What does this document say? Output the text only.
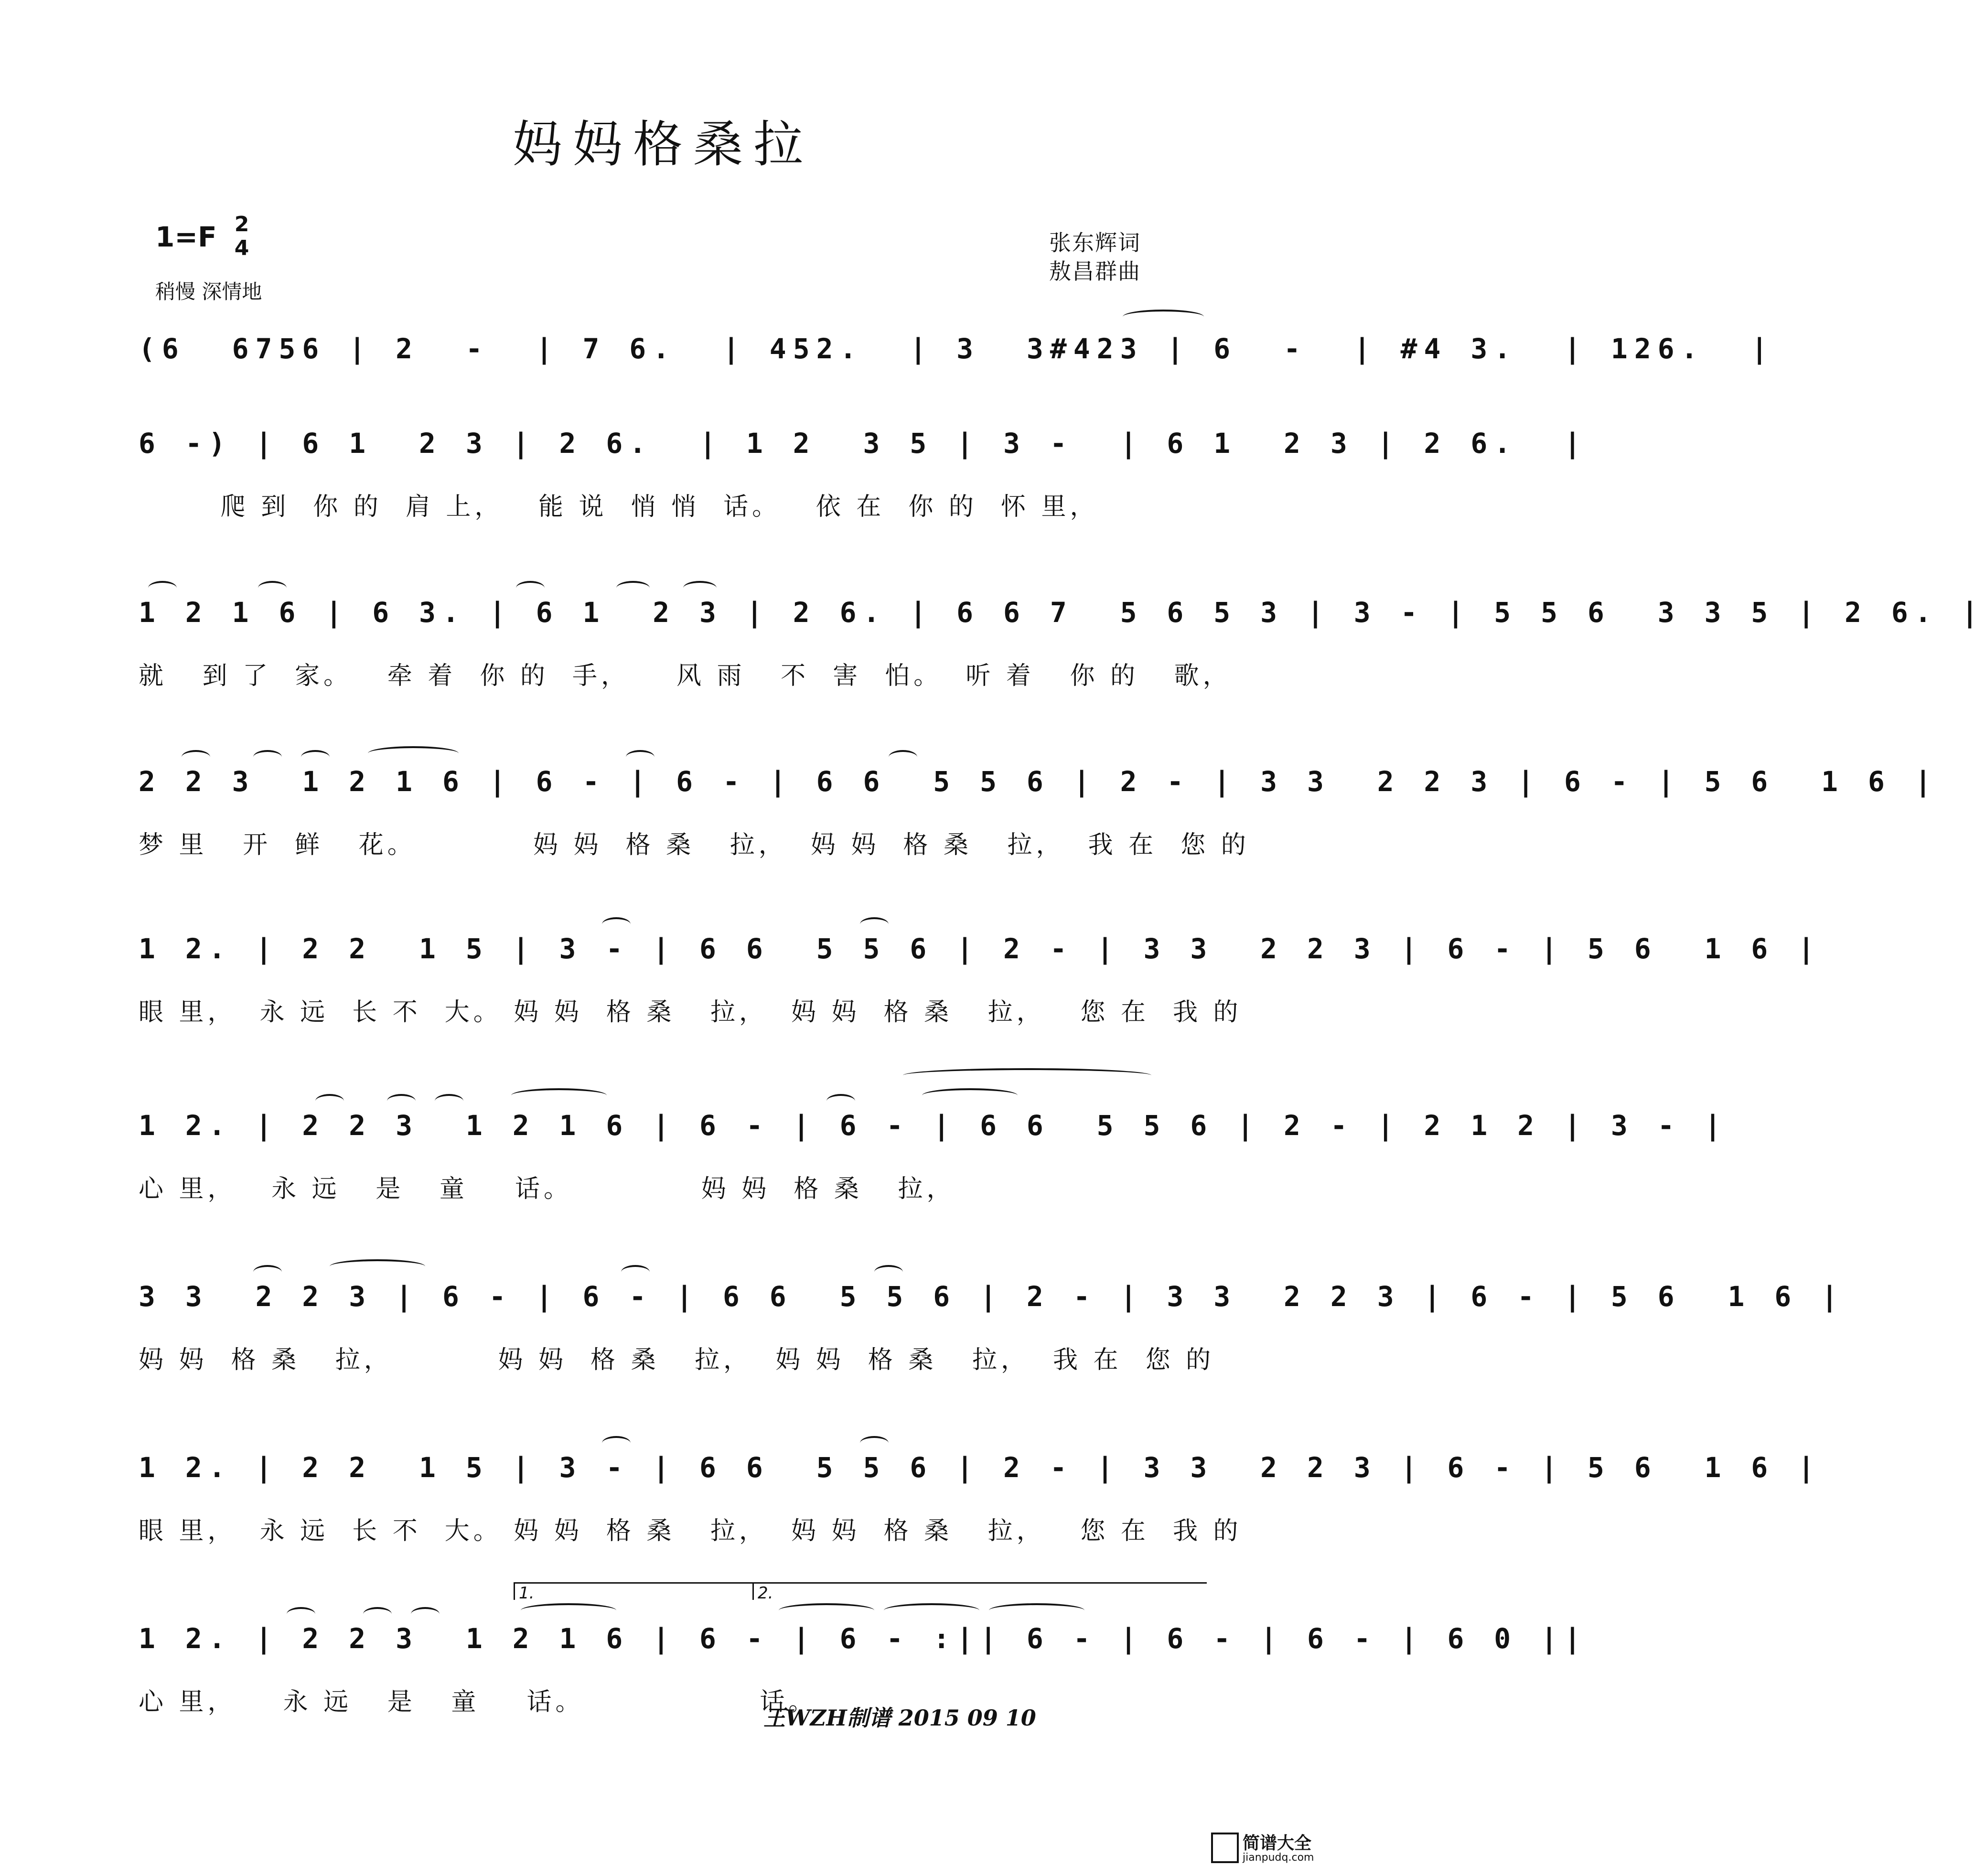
妈妈格桑拉
1=F 2
4
稍慢 深情地
张东辉词
敖昌群曲
(6  6756 | 2  -  | 7 6.  | 452.  | 3  3#423 | 6  -  | #4 3.  | 126.  |
6 -) | 6 1  2 3 | 2 6.  | 1 2  3 5 | 3 -  | 6 1  2 3 | 2 6.  |
爬 到  你 的  肩 上，   能 说  悄 悄  话。   依 在  你 的  怀 里，
1 2 1 6 | 6 3. | 6 1  2 3 | 2 6. | 6 6 7  5 6 5 3 | 3 - | 5 5 6  3 3 5 | 2 6. |
就   到 了  家。   牵 着  你 的  手，    风 雨   不  害  怕。  听 着   你 的   歌，
2 2 3  1 2 1 6 | 6 - | 6 - | 6 6  5 5 6 | 2 - | 3 3  2 2 3 | 6 - | 5 6  1 6 |
梦 里   开  鲜   花。          妈 妈  格 桑   拉，  妈 妈  格 桑   拉，  我 在  您 的
1 2. | 2 2  1 5 | 3 - | 6 6  5 5 6 | 2 - | 3 3  2 2 3 | 6 - | 5 6  1 6 |
眼 里，  永 远  长 不  大。 妈 妈  格 桑   拉，  妈 妈  格 桑   拉，   您 在  我 的
1 2. | 2 2 3  1 2 1 6 | 6 - | 6 - | 6 6  5 5 6 | 2 - | 2 1 2 | 3 - |
心 里，   永 远   是   童    话。           妈 妈  格 桑   拉，
3 3  2 2 3 | 6 - | 6 - | 6 6  5 5 6 | 2 - | 3 3  2 2 3 | 6 - | 5 6  1 6 |
妈 妈  格 桑   拉，         妈 妈  格 桑   拉，  妈 妈  格 桑   拉，  我 在  您 的
1 2. | 2 2  1 5 | 3 - | 6 6  5 5 6 | 2 - | 3 3  2 2 3 | 6 - | 5 6  1 6 |
眼 里，  永 远  长 不  大。 妈 妈  格 桑   拉，  妈 妈  格 桑   拉，   您 在  我 的
1.	2.
1 2. | 2 2 3  1 2 1 6 | 6 - | 6 - :|| 6 - | 6 - | 6 - | 6 0 ||
心 里，    永 远   是   童    话。               话。
王WZH制谱 2015 09 10
简谱大全
jianpudq.com
